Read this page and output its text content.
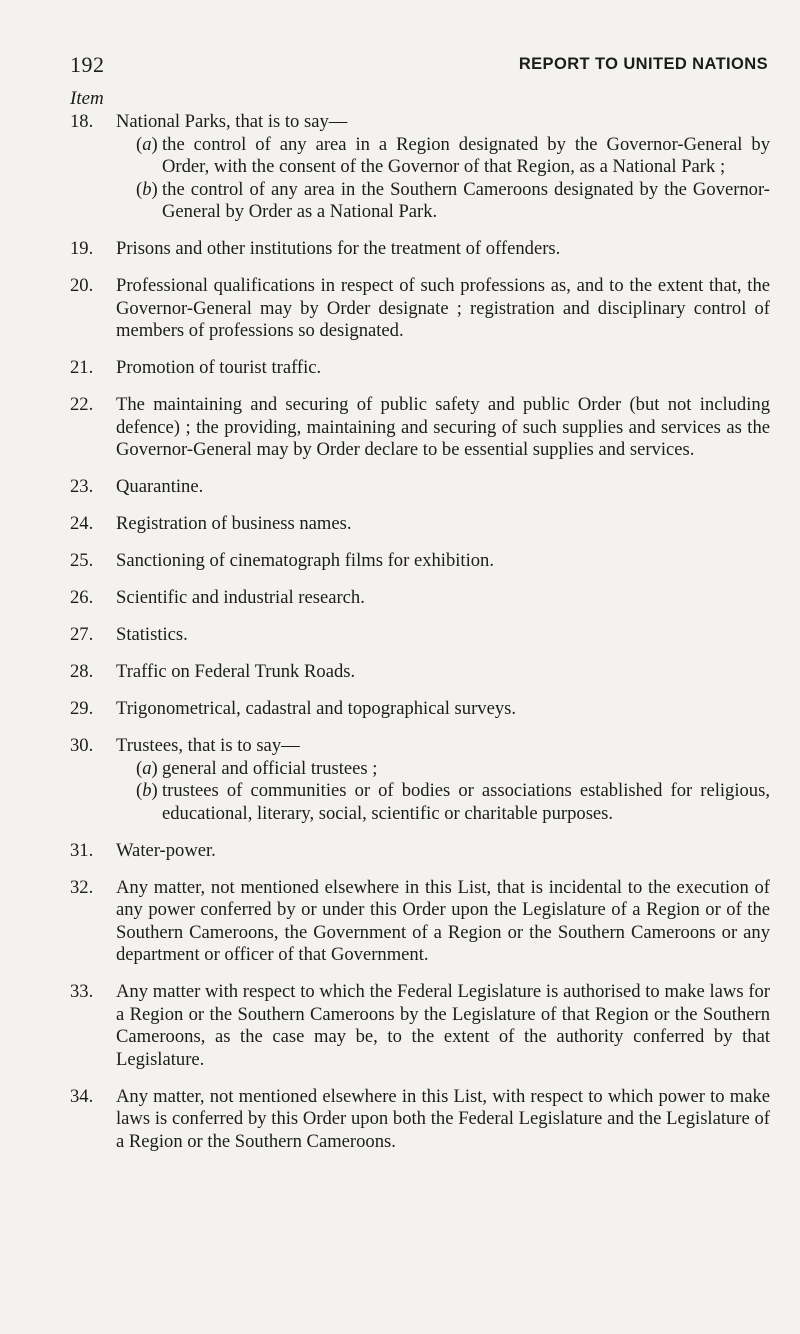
192	REPORT TO UNITED NATIONS
Item
18.	National Parks, that is to say—
(a) the control of any area in a Region designated by the Governor-General by Order, with the consent of the Governor of that Region, as a National Park ;
(b) the control of any area in the Southern Cameroons designated by the Governor-General by Order as a National Park.
19.	Prisons and other institutions for the treatment of offenders.
20.	Professional qualifications in respect of such professions as, and to the extent that, the Governor-General may by Order designate ; registration and disciplinary control of members of professions so designated.
21.	Promotion of tourist traffic.
22.	The maintaining and securing of public safety and public Order (but not including defence) ; the providing, maintaining and securing of such supplies and services as the Governor-General may by Order declare to be essential supplies and services.
23.	Quarantine.
24.	Registration of business names.
25.	Sanctioning of cinematograph films for exhibition.
26.	Scientific and industrial research.
27.	Statistics.
28.	Traffic on Federal Trunk Roads.
29.	Trigonometrical, cadastral and topographical surveys.
30.	Trustees, that is to say—
(a) general and official trustees ;
(b) trustees of communities or of bodies or associations established for religious, educational, literary, social, scientific or charitable purposes.
31.	Water-power.
32.	Any matter, not mentioned elsewhere in this List, that is incidental to the execution of any power conferred by or under this Order upon the Legislature of a Region or of the Southern Cameroons, the Government of a Region or the Southern Cameroons or any department or officer of that Government.
33.	Any matter with respect to which the Federal Legislature is authorised to make laws for a Region or the Southern Cameroons by the Legislature of that Region or the Southern Cameroons, as the case may be, to the extent of the authority conferred by that Legislature.
34.	Any matter, not mentioned elsewhere in this List, with respect to which power to make laws is conferred by this Order upon both the Federal Legislature and the Legislature of a Region or the Southern Cameroons.
